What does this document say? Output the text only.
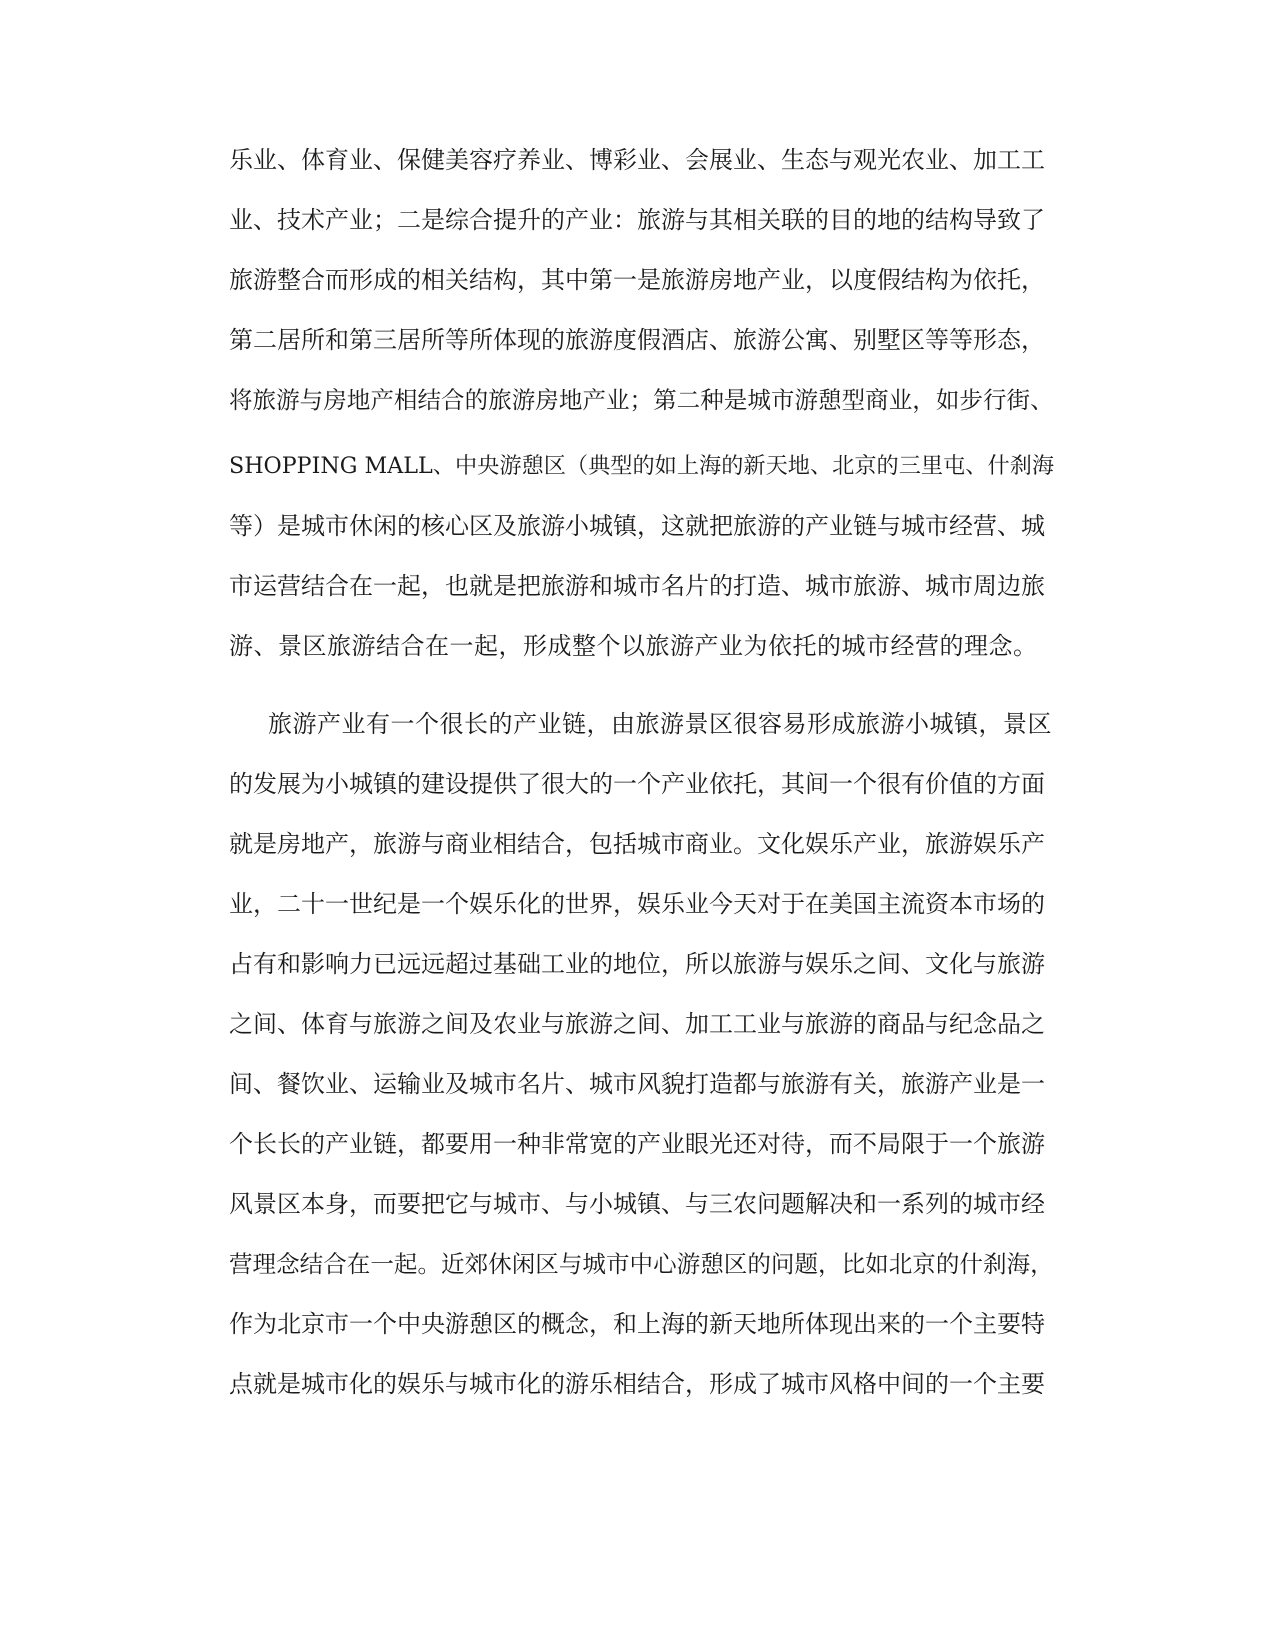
乐业、体育业、保健美容疗养业、博彩业、会展业、生态与观光农业、加工工
业、技术产业；二是综合提升的产业：旅游与其相关联的目的地的结构导致了
旅游整合而形成的相关结构，其中第一是旅游房地产业，以度假结构为依托，
第二居所和第三居所等所体现的旅游度假酒店、旅游公寓、别墅区等等形态，
将旅游与房地产相结合的旅游房地产业；第二种是城市游憩型商业，如步行街、
SHOPPING MALL、中央游憩区（典型的如上海的新天地、北京的三里屯、什刹海
等）是城市休闲的核心区及旅游小城镇，这就把旅游的产业链与城市经营、城
市运营结合在一起，也就是把旅游和城市名片的打造、城市旅游、城市周边旅
游、景区旅游结合在一起，形成整个以旅游产业为依托的城市经营的理念。
旅游产业有一个很长的产业链，由旅游景区很容易形成旅游小城镇，景区
的发展为小城镇的建设提供了很大的一个产业依托，其间一个很有价值的方面
就是房地产，旅游与商业相结合，包括城市商业。文化娱乐产业，旅游娱乐产
业，二十一世纪是一个娱乐化的世界，娱乐业今天对于在美国主流资本市场的
占有和影响力已远远超过基础工业的地位，所以旅游与娱乐之间、文化与旅游
之间、体育与旅游之间及农业与旅游之间、加工工业与旅游的商品与纪念品之
间、餐饮业、运输业及城市名片、城市风貌打造都与旅游有关，旅游产业是一
个长长的产业链，都要用一种非常宽的产业眼光还对待，而不局限于一个旅游
风景区本身，而要把它与城市、与小城镇、与三农问题解决和一系列的城市经
营理念结合在一起。近郊休闲区与城市中心游憩区的问题，比如北京的什刹海，
作为北京市一个中央游憩区的概念，和上海的新天地所体现出来的一个主要特
点就是城市化的娱乐与城市化的游乐相结合，形成了城市风格中间的一个主要
